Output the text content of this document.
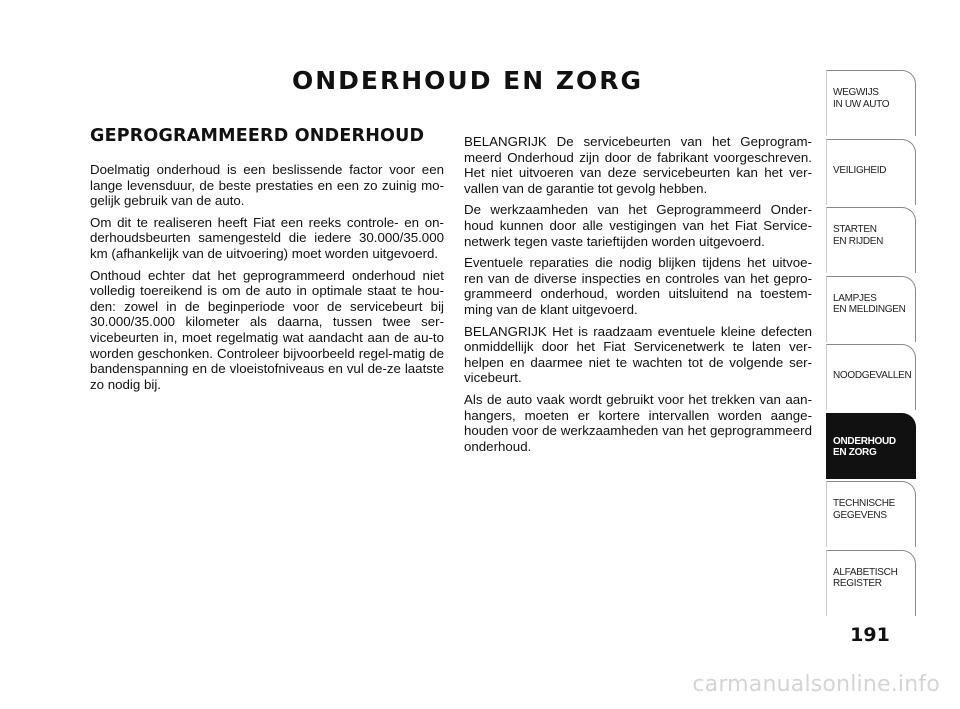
ONDERHOUD EN ZORG
GEPROGRAMMEERD ONDERHOUD

Doelmatig onderhoud is een beslissende factor voor een lange levensduur, de beste prestaties en een zo zuinig mo-gelijk gebruik van de auto.

Om dit te realiseren heeft Fiat een reeks controle- en on-derhoudsbeurten samengesteld die iedere 30.000/35.000 km (afhankelijk van de uitvoering) moet worden uitgevoerd.

Onthoud echter dat het geprogrammeerd onderhoud niet volledig toereikend is om de auto in optimale staat te hou-den: zowel in de beginperiode voor de servicebeurt bij 30.000/35.000 kilometer als daarna, tussen twee ser-vicebeurten in, moet regelmatig wat aandacht aan de au-to worden geschonken. Controleer bijvoorbeeld regel-matig de bandenspanning en de vloeistofniveaus en vul de-ze laatste zo nodig bij.

BELANGRIJK De servicebeurten van het Geprogram-meerd Onderhoud zijn door de fabrikant voorgeschreven. Het niet uitvoeren van deze servicebeurten kan het ver-vallen van de garantie tot gevolg hebben.

De werkzaamheden van het Geprogrammeerd Onder-houd kunnen door alle vestigingen van het Fiat Service-netwerk tegen vaste tarieftijden worden uitgevoerd.

Eventuele reparaties die nodig blijken tijdens het uitvoe-ren van de diverse inspecties en controles van het gepro-grammeerd onderhoud, worden uitsluitend na toestem-ming van de klant uitgevoerd.

BELANGRIJK Het is raadzaam eventuele kleine defecten onmiddellijk door het Fiat Servicenetwerk te laten ver-helpen en daarmee niet te wachten tot de volgende ser-vicebeurt.

Als de auto vaak wordt gebruikt voor het trekken van aan-hangers, moeten er kortere intervallen worden aange-houden voor de werkzaamheden van het geprogrammeerd onderhoud.

WEGWIJS
IN UW AUTO
VEILIGHEID
STARTEN
EN RIJDEN
LAMPJES
EN MELDINGEN
NOODGEVALLEN
ONDERHOUD
EN ZORG
TECHNISCHE
GEGEVENS
ALFABETISCH
REGISTER
191
carmanualsonline.info
